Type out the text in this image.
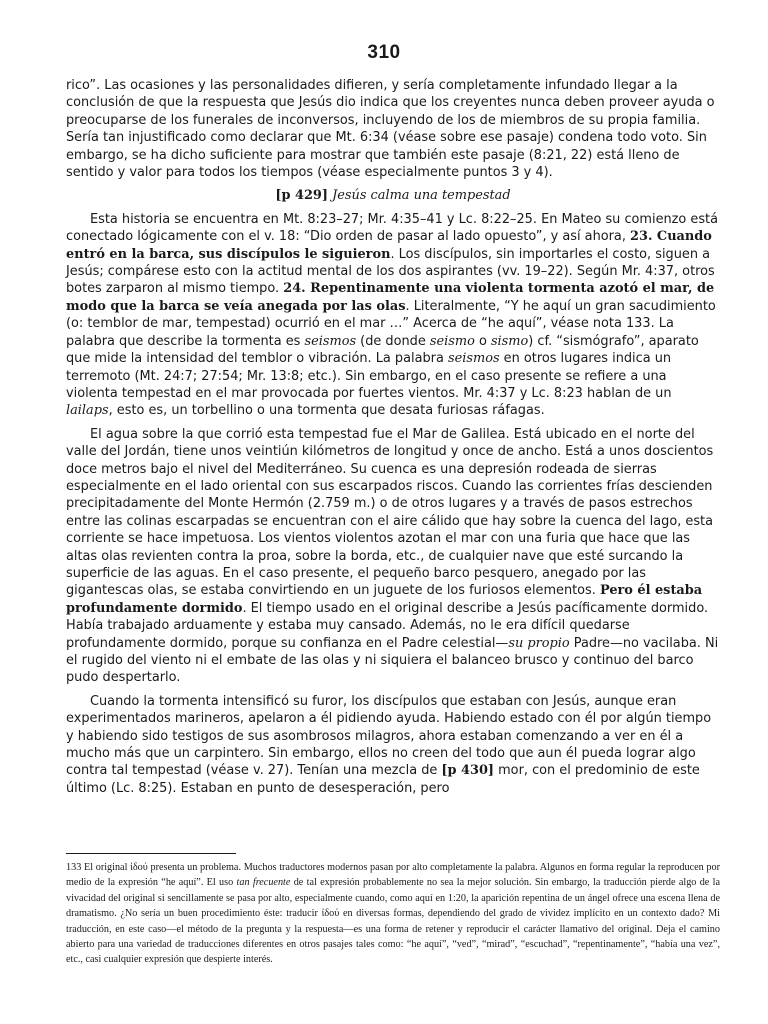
310

rico”. Las ocasiones y las personalidades difieren, y sería completamente infundado llegar a la conclusión de que la respuesta que Jesús dio indica que los creyentes nunca deben proveer ayuda o preocuparse de los funerales de inconversos, incluyendo de los de miembros de su propia familia. Sería tan injustificado como declarar que Mt. 6:34 (véase sobre ese pasaje) condena todo voto. Sin embargo, se ha dicho suficiente para mostrar que también este pasaje (8:21, 22) está lleno de sentido y valor para todos los tiempos (véase especialmente puntos 3 y 4).

[p 429] Jesús calma una tempestad

Esta historia se encuentra en Mt. 8:23–27; Mr. 4:35–41 y Lc. 8:22–25. En Mateo su comienzo está conectado lógicamente con el v. 18: “Dio orden de pasar al lado opuesto”, y así ahora, 23. Cuando entró en la barca, sus discípulos le siguieron. Los discípulos, sin importarles el costo, siguen a Jesús; compárese esto con la actitud mental de los dos aspirantes (vv. 19–22). Según Mr. 4:37, otros botes zarparon al mismo tiempo. 24. Repentinamente una violenta tormenta azotó el mar, de modo que la barca se veía anegada por las olas. Literalmente, “Y he aquí un gran sacudimiento (o: temblor de mar, tempestad) ocurrió en el mar …” Acerca de “he aquí”, véase nota 133. La palabra que describe la tormenta es seismos (de donde seismo o sismo) cf. “sismógrafo”, aparato que mide la intensidad del temblor o vibración. La palabra seismos en otros lugares indica un terremoto (Mt. 24:7; 27:54; Mr. 13:8; etc.). Sin embargo, en el caso presente se refiere a una violenta tempestad en el mar provocada por fuertes vientos. Mr. 4:37 y Lc. 8:23 hablan de un lailaps, esto es, un torbellino o una tormenta que desata furiosas ráfagas.

El agua sobre la que corrió esta tempestad fue el Mar de Galilea. Está ubicado en el norte del valle del Jordán, tiene unos veintiún kilómetros de longitud y once de ancho. Está a unos doscientos doce metros bajo el nivel del Mediterráneo. Su cuenca es una depresión rodeada de sierras especialmente en el lado oriental con sus escarpados riscos. Cuando las corrientes frías descienden precipitadamente del Monte Hermón (2.759 m.) o de otros lugares y a través de pasos estrechos entre las colinas escarpadas se encuentran con el aire cálido que hay sobre la cuenca del lago, esta corriente se hace impetuosa. Los vientos violentos azotan el mar con una furia que hace que las altas olas revienten contra la proa, sobre la borda, etc., de cualquier nave que esté surcando la superficie de las aguas. En el caso presente, el pequeño barco pesquero, anegado por las gigantescas olas, se estaba convirtiendo en un juguete de los furiosos elementos. Pero él estaba profundamente dormido. El tiempo usado en el original describe a Jesús pacíficamente dormido. Había trabajado arduamente y estaba muy cansado. Además, no le era difícil quedarse profundamente dormido, porque su confianza en el Padre celestial—su propio Padre—no vacilaba. Ni el rugido del viento ni el embate de las olas y ni siquiera el balanceo brusco y continuo del barco pudo despertarlo.

Cuando la tormenta intensificó su furor, los discípulos que estaban con Jesús, aunque eran experimentados marineros, apelaron a él pidiendo ayuda. Habiendo estado con él por algún tiempo y habiendo sido testigos de sus asombrosos milagros, ahora estaban comenzando a ver en él a mucho más que un carpintero. Sin embargo, ellos no creen del todo que aun él pueda lograr algo contra tal tempestad (véase v. 27). Tenían una mezcla de [p 430] mor, con el predominio de este último (Lc. 8:25). Estaban en punto de desesperación, pero

133 El original ἰδού presenta un problema. Muchos traductores modernos pasan por alto completamente la palabra. Algunos en forma regular la reproducen por medio de la expresión “he aquí”. El uso tan frecuente de tal expresión probablemente no sea la mejor solución. Sin embargo, la traducción pierde algo de la vivacidad del original si sencillamente se pasa por alto, especialmente cuando, como aquí en 1:20, la aparición repentina de un ángel ofrece una escena llena de dramatismo. ¿No sería un buen procedimiento éste: traducir ἰδού en diversas formas, dependiendo del grado de vividez implícito en un contexto dado? Mi traducción, en este caso—el método de la pregunta y la respuesta—es una forma de retener y reproducir el carácter llamativo del original. Deja el camino abierto para una variedad de traducciones diferentes en otros pasajes tales como: “he aquí”, “ved”, “mirad”, “escuchad”, “repentinamente”, “había una vez”, etc., casi cualquier expresión que despierte interés.
